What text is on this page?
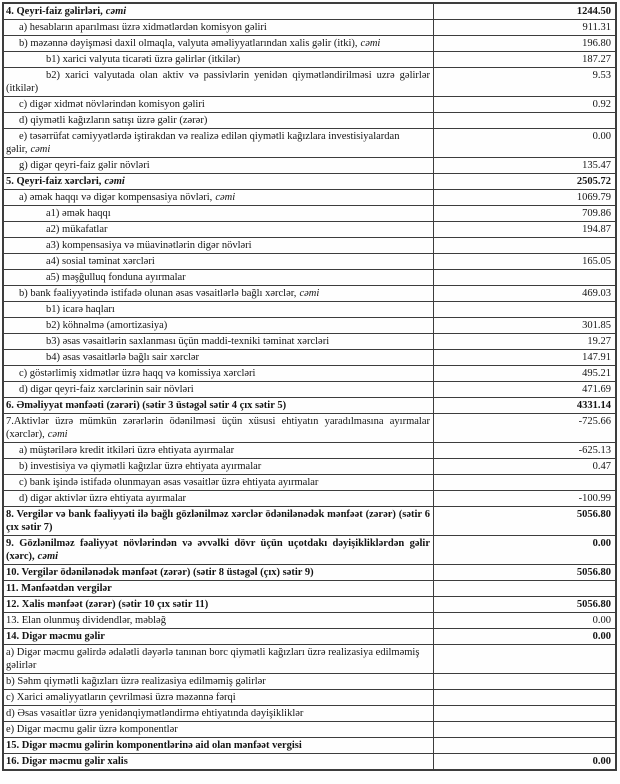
4. Qeyri-faiz gəlirləri, cəmi	1244.50
a) hesabların aparılması üzrə xidmətlərdən komisyon gəliri	911.31
b) məzənnə dəyişməsi daxil olmaqla, valyuta əməliyyatlarından xalis gəlir (itki), cəmi	196.80
b1) xarici valyuta ticarəti üzrə gəlirlər (itkilər)	187.27
b2) xarici valyutada olan aktiv və passivlərin yenidən qiymətləndirilməsi uzrə gəlirlər (itkilər)	9.53
c) digər xidmət növlərindən komisyon gəliri	0.92
d) qiymətli kağızların satışı üzrə gəlir (zərər)	
e) təsərrüfat cəmiyyətlərdə iştirakdan və realizə edilən qiymətli kağızlara investisiyalardan gəlir, cəmi	0.00
g) digər qeyri-faiz gəlir növləri	135.47
5. Qeyri-faiz xərcləri, cəmi	2505.72
a) əmək haqqı və digər kompensasiya növləri, cəmi	1069.79
a1) əmək haqqı	709.86
a2) mükafatlar	194.87
a3) kompensasiya və müavinətlərin digər növləri	
a4) sosial təminat xərcləri	165.05
a5) məşğulluq fonduna ayırmalar	
b) bank fəaliyyətində istifadə olunan əsas vəsaitlərlə bağlı xərclər, cəmi	469.03
b1) icarə haqları	
b2) köhnəlmə (amortizasiya)	301.85
b3) əsas vəsaitlərin saxlanması üçün maddi-texniki təminat xərcləri	19.27
b4) əsas vəsaitlərlə bağlı sair xərclər	147.91
c) göstərlimiş xidmətlər üzrə haqq və komissiya xərcləri	495.21
d) digər qeyri-faiz xərclərinin sair növləri	471.69
6. Əməliyyat mənfəəti (zərəri) (sətir 3 üstəgəl sətir 4 çıx sətir 5)	4331.14
7.Aktivlər üzrə mümkün zərərlərin ödənilməsi üçün xüsusi ehtiyatın yaradılmasına ayırmalar (xərclər), cəmi	-725.66
a) müştərilərə kredit itkiləri üzrə ehtiyata ayırmalar	-625.13
b) investisiya və qiymətli kağızlar üzrə ehtiyata ayırmalar	0.47
c) bank işində istifadə olunmayan əsas vəsaitlər üzrə ehtiyata ayırmalar	
d) digər aktivlər üzrə ehtiyata ayırmalar	-100.99
8. Vergilər və bank fəaliyyəti ilə bağlı gözlənilməz xərclər ödənilənədək mənfəət (zərər) (sətir 6 çıx sətir 7)	5056.80
9. Gözlənilməz fəaliyyət növlərindən və əvvəlki dövr üçün uçotdakı dəyişikliklərdən gəlir (xərc), cəmi	0.00
10. Vergilər ödənilənədək mənfəət (zərər) (sətir 8 üstəgəl (çıx) sətir 9)	5056.80
11. Mənfəətdən vergilər	
12. Xalis mənfəət (zərər) (sətir 10 çıx sətir 11)	5056.80
13. Elan olunmuş dividendlər, məbləğ	0.00
14. Digər məcmu gəlir	0.00
a) Digər məcmu gəlirdə ədalətli dəyərlə tanınan borc qiymətli kağızları üzrə realizasiya edilməmiş gəlirlər	
b) Səhm qiymətli kağızları üzrə realizasiya edilməmiş gəlirlər	
c) Xarici əməliyyatların çevrilməsi üzrə məzənnə fərqi	
d) Əsas vəsaitlər üzrə yenidənqiymətləndirmə ehtiyatında dəyişikliklər	
e) Digər məcmu gəlir üzrə komponentlər	
15. Digər məcmu gəlirin komponentlərinə aid olan mənfəət vergisi	
16. Digər məcmu gəlir xalis	0.00
